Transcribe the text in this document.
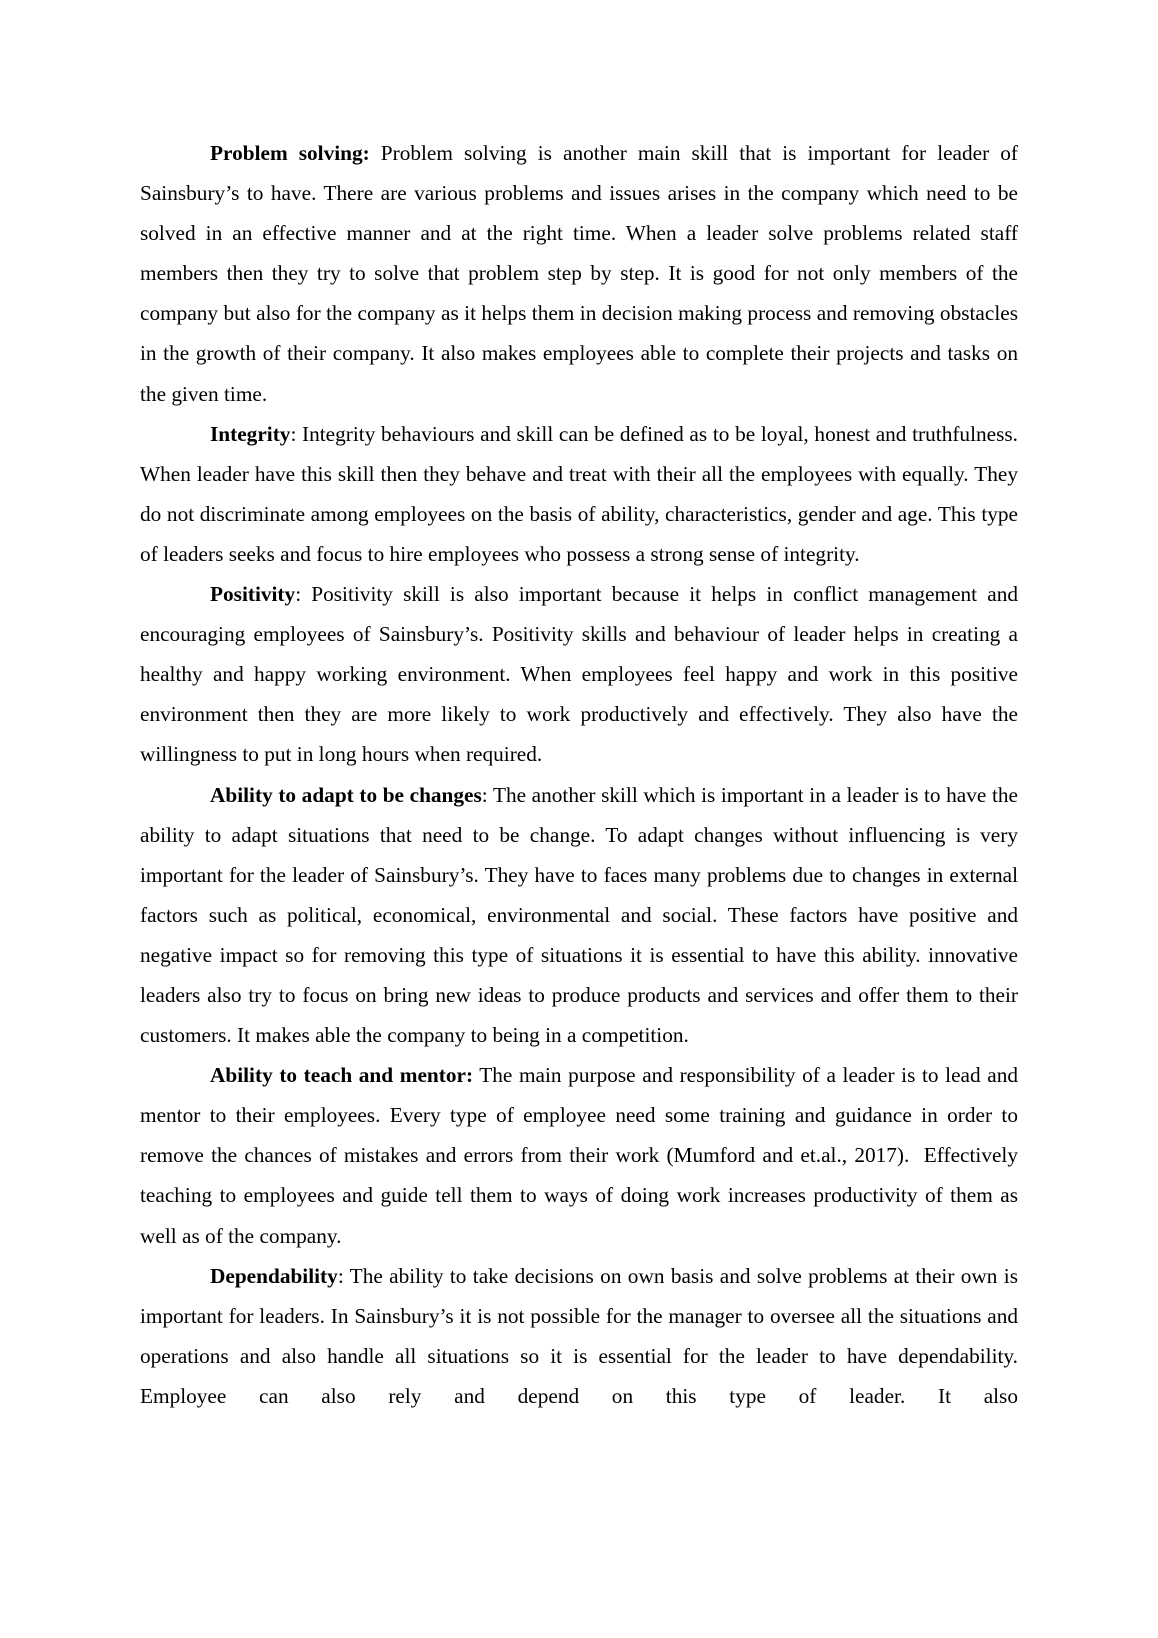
Problem solving: Problem solving is another main skill that is important for leader of Sainsbury’s to have. There are various problems and issues arises in the company which need to be solved in an effective manner and at the right time. When a leader solve problems related staff members then they try to solve that problem step by step. It is good for not only members of the company but also for the company as it helps them in decision making process and removing obstacles in the growth of their company. It also makes employees able to complete their projects and tasks on the given time.

Integrity: Integrity behaviours and skill can be defined as to be loyal, honest and truthfulness. When leader have this skill then they behave and treat with their all the employees with equally. They do not discriminate among employees on the basis of ability, characteristics, gender and age. This type of leaders seeks and focus to hire employees who possess a strong sense of integrity.

Positivity: Positivity skill is also important because it helps in conflict management and encouraging employees of Sainsbury’s. Positivity skills and behaviour of leader helps in creating a healthy and happy working environment. When employees feel happy and work in this positive environment then they are more likely to work productively and effectively. They also have the willingness to put in long hours when required.

Ability to adapt to be changes: The another skill which is important in a leader is to have the ability to adapt situations that need to be change. To adapt changes without influencing is very important for the leader of Sainsbury’s. They have to faces many problems due to changes in external factors such as political, economical, environmental and social. These factors have positive and negative impact so for removing this type of situations it is essential to have this ability. innovative leaders also try to focus on bring new ideas to produce products and services and offer them to their customers. It makes able the company to being in a competition.

Ability to teach and mentor: The main purpose and responsibility of a leader is to lead and mentor to their employees. Every type of employee need some training and guidance in order to remove the chances of mistakes and errors from their work (Mumford and et.al., 2017).  Effectively teaching to employees and guide tell them to ways of doing work increases productivity of them as well as of the company.

Dependability: The ability to take decisions on own basis and solve problems at their own is important for leaders. In Sainsbury’s it is not possible for the manager to oversee all the situations and operations and also handle all situations so it is essential for the leader to have dependability. Employee can also rely and depend on this type of leader. It also
